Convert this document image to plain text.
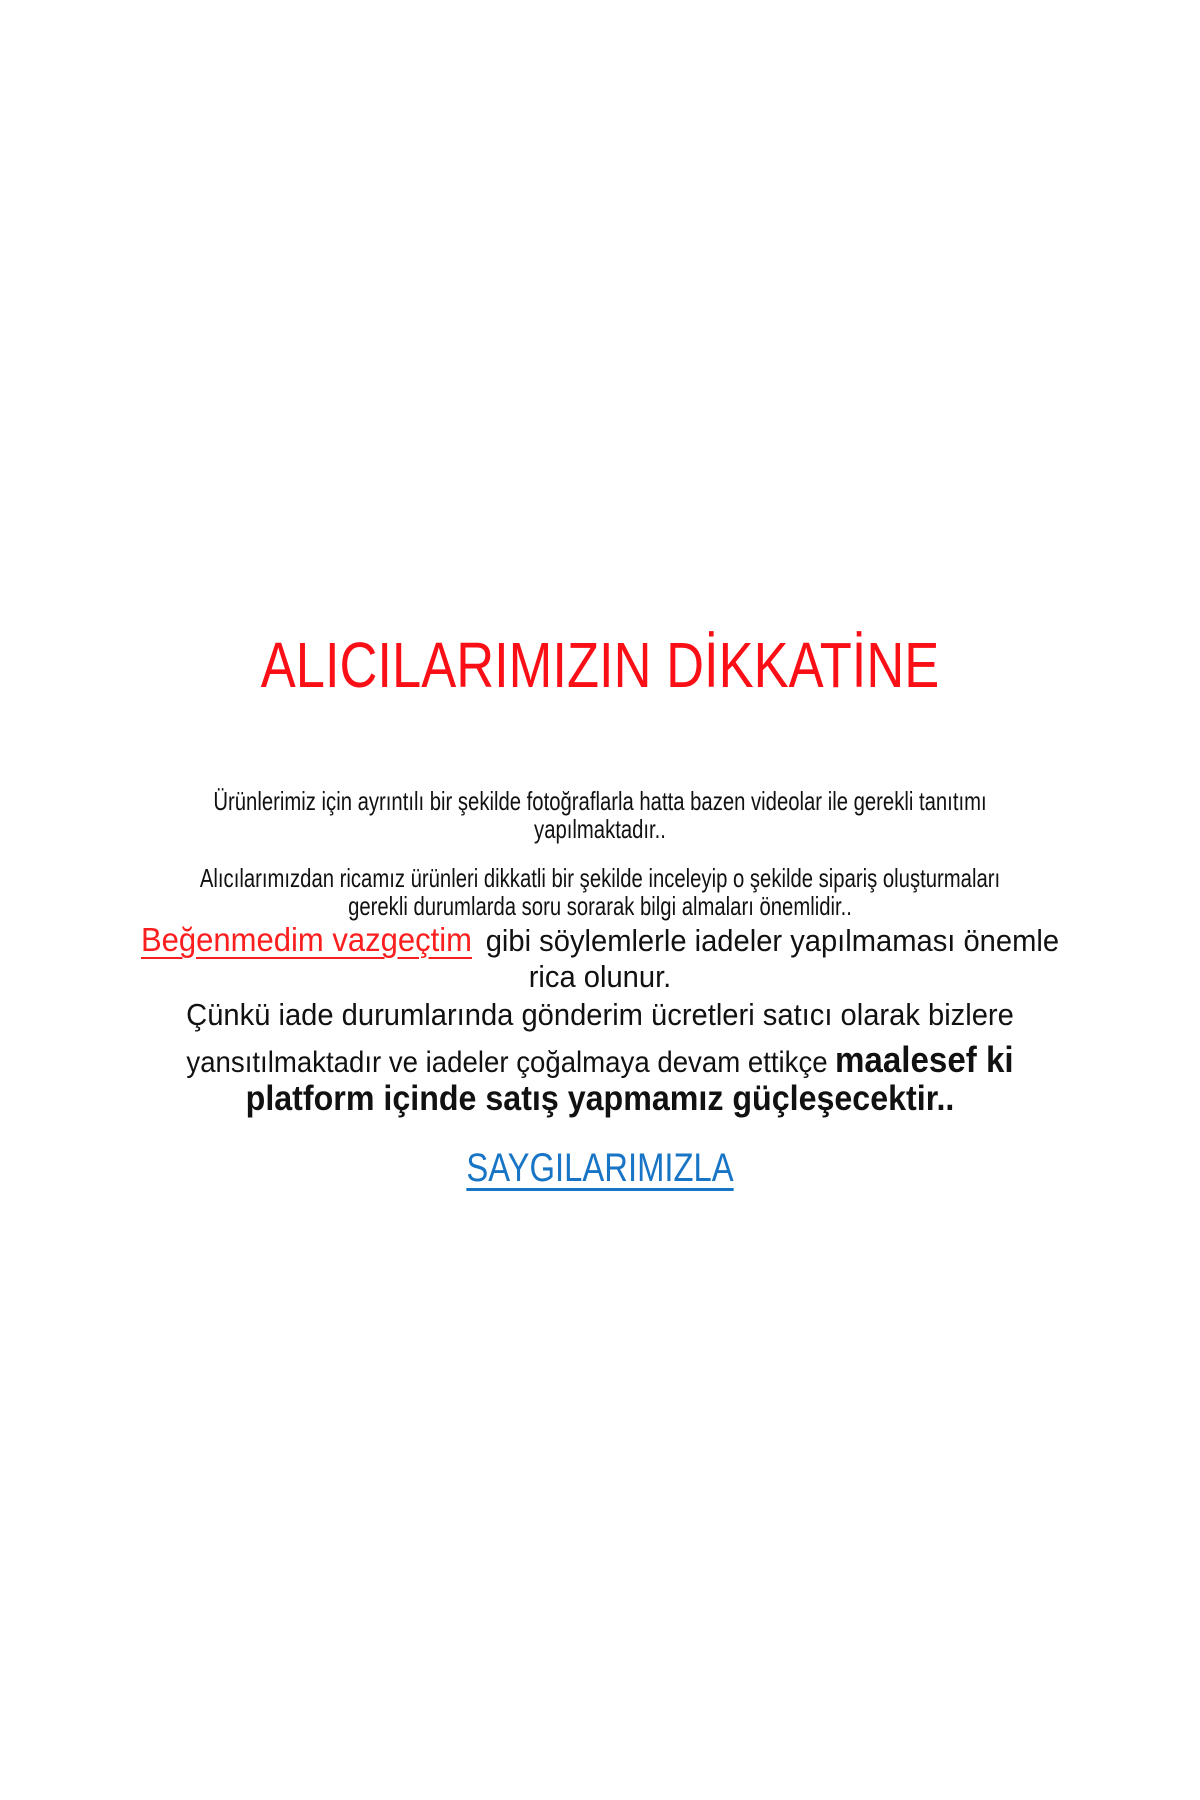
ALICILARIMIZIN DİKKATİNE
Ürünlerimiz için ayrıntılı bir şekilde fotoğraflarla hatta bazen videolar ile gerekli tanıtımı
yapılmaktadır..
Alıcılarımızdan ricamız ürünleri dikkatli bir şekilde inceleyip o şekilde sipariş oluşturmaları
gerekli durumlarda soru sorarak bilgi almaları önemlidir..
Beğenmedim vazgeçtim gibi söylemlerle iadeler yapılmaması önemle
rica olunur.
Çünkü iade durumlarında gönderim ücretleri satıcı olarak bizlere
yansıtılmaktadır ve iadeler çoğalmaya devam ettikçe maalesef ki
platform içinde satış yapmamız güçleşecektir..
SAYGILARIMIZLA
